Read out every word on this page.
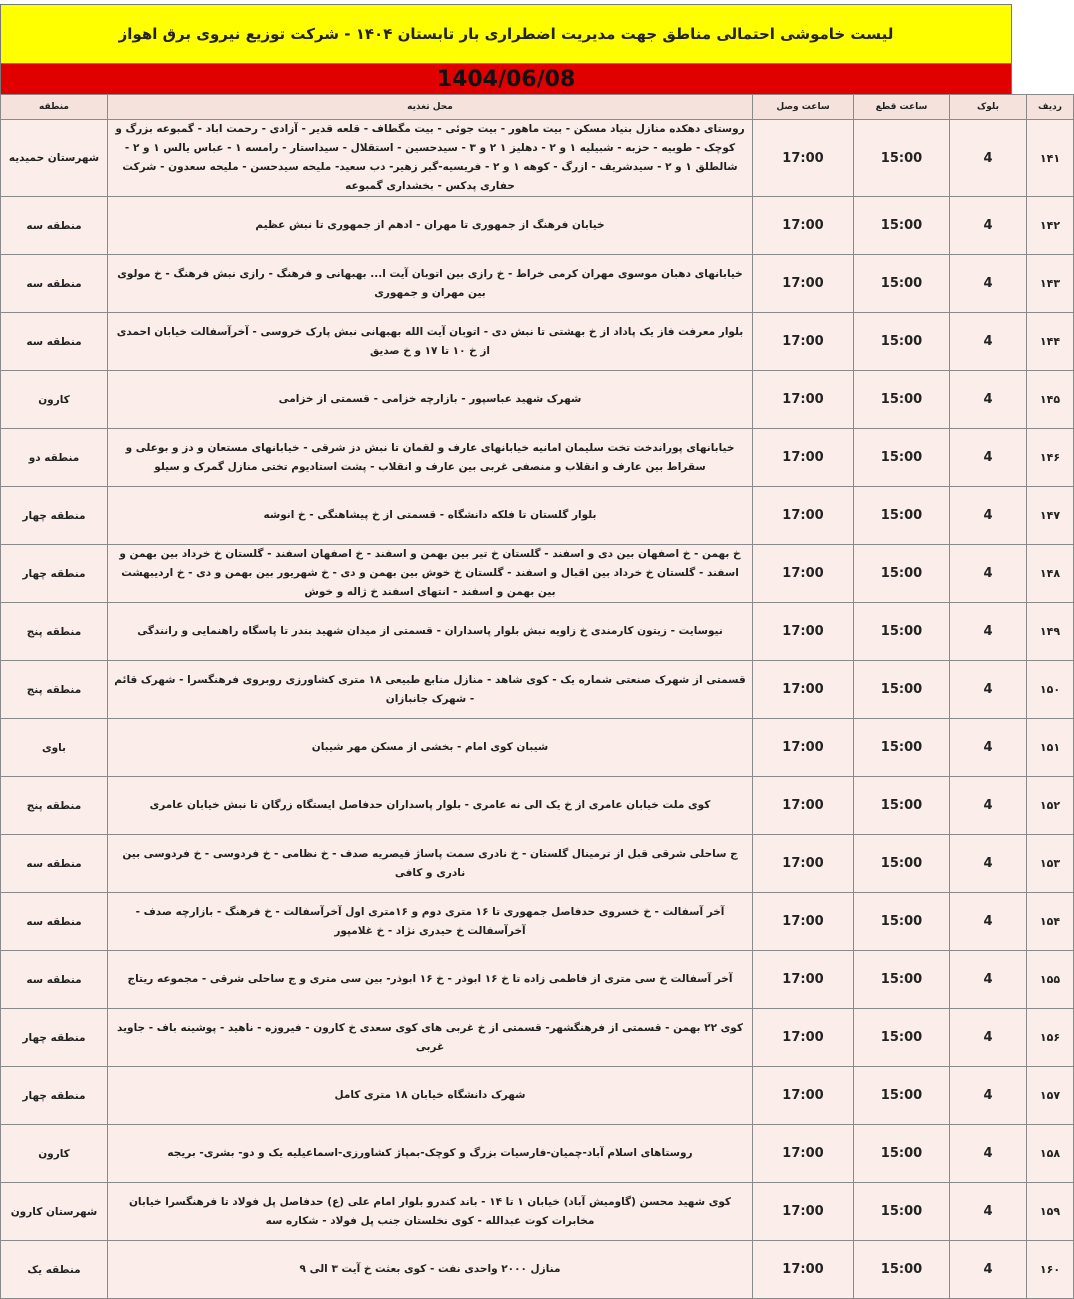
لیست خاموشی احتمالی مناطق جهت مدیریت اضطراری بار تابستان ۱۴۰۴ - شرکت توزیع نیروی برق اهواز
1404/06/08
ردیف	بلوک	ساعت قطع	ساعت وصل	محل تغذیه	منطقه
۱۴۱	4	15:00	17:00	روستای دهکده منازل بنیاد مسکن - بیت ماهور - بیت جوئی - بیت مگطاف - قلعه قدیر - آزادی - رحمت اباد - گمبوعه بزرگ و کوچک - طوبیه - حزبه - شبیلیه ۱ و ۲ - دهلیز ۱ ۲ و ۳ - سیدحسین - استقلال - سیداستار - رامسه ۱ - عباس یالس ۱ و ۲ - شالطلق ۱ و ۲ - سیدشریف - ازرگ - کوهه ۱ و ۲ - فریسیه-گبر زهیر- دب سعید- ملیحه سیدحسن - ملیحه سعدون - شرکت حفاری پدکس - بخشداری گمبوعه	شهرستان حمیدیه
۱۴۲	4	15:00	17:00	خیابان فرهنگ از جمهوری تا مهران - ادهم از جمهوری تا نبش عظیم	منطقه سه
۱۴۳	4	15:00	17:00	خیابانهای دهبان موسوی مهران کرمی خراط - خ رازی بین اتوبان آیت ا... بهبهانی و فرهنگ - رازی نبش فرهنگ - خ مولوی بین مهران و جمهوری	منطقه سه
۱۴۴	4	15:00	17:00	بلوار معرفت فاز یک پاداد از خ بهشتی تا نبش دی - اتوبان آیت الله بهبهانی نبش پارک خروسی - آخرآسفالت خیابان احمدی از خ ۱۰ تا ۱۷ و خ صدیق	منطقه سه
۱۴۵	4	15:00	17:00	شهرک شهید عباسپور - بازارچه خزامی - قسمتی از خزامی	کارون
۱۴۶	4	15:00	17:00	خیابانهای پوراندخت تخت سلیمان امانیه خیابانهای عارف و لقمان تا نبش دز شرقی - خیابانهای مستعان و دز و بوعلی و سقراط بین عارف و انقلاب و منصفی غربی بین عارف و انقلاب - پشت استادیوم تختی منازل گمرک و سیلو	منطقه دو
۱۴۷	4	15:00	17:00	بلوار گلستان تا فلکه دانشگاه - قسمتی از خ پیشاهنگی - خ انوشه	منطقه چهار
۱۴۸	4	15:00	17:00	خ بهمن - خ اصفهان بین دی و اسفند - گلستان خ تیر بین بهمن و اسفند - خ اصفهان اسفند - گلستان خ خرداد بین بهمن و اسفند - گلستان خ خرداد بین اقبال و اسفند - گلستان خ خوش بین بهمن و دی - خ شهریور بین بهمن و دی - خ اردیبهشت بین بهمن و اسفند - انتهای اسفند خ ژاله و خوش	منطقه چهار
۱۴۹	4	15:00	17:00	نیوسایت - زیتون کارمندی خ زاویه نبش بلوار پاسداران - قسمتی از میدان شهید بندر تا پاسگاه راهنمایی و رانندگی	منطقه پنج
۱۵۰	4	15:00	17:00	قسمتی از شهرک صنعتی شماره یک - کوی شاهد - منازل منابع طبیعی ۱۸ متری کشاورزی روبروی فرهنگسرا - شهرک قائم - شهرک جانبازان	منطقه پنج
۱۵۱	4	15:00	17:00	شیبان کوی امام - بخشی از مسکن مهر شیبان	باوی
۱۵۲	4	15:00	17:00	کوی ملت خیابان عامری از خ یک الی نه عامری - بلوار پاسداران حدفاصل ایستگاه زرگان تا نبش خیابان عامری	منطقه پنج
۱۵۳	4	15:00	17:00	ج ساحلی شرقی قبل از ترمینال گلستان - خ نادری سمت پاساژ قیصریه صدف - خ نظامی - خ فردوسی - خ فردوسی بین نادری و کافی	منطقه سه
۱۵۴	4	15:00	17:00	آخر آسفالت - خ خسروی حدفاصل جمهوری تا ۱۶ متری دوم و ۱۶متری اول آخرآسفالت - خ فرهنگ - بازارچه صدف - آخرآسفالت خ حیدری نژاد - خ غلامپور	منطقه سه
۱۵۵	4	15:00	17:00	آخر آسفالت خ سی متری از فاطمی زاده تا خ ۱۶ ابوذر - خ ۱۶ ابوذر- بین سی متری و ج ساحلی شرقی - مجموعه ریتاج	منطقه سه
۱۵۶	4	15:00	17:00	کوی ۲۲ بهمن - قسمتی از فرهنگشهر- قسمتی از خ غربی های کوی سعدی خ کارون - فیروزه - ناهید - پوشینه باف - جاوید غربی	منطقه چهار
۱۵۷	4	15:00	17:00	شهرک دانشگاه خیابان ۱۸ متری کامل	منطقه چهار
۱۵۸	4	15:00	17:00	روستاهای اسلام آباد-چمیان-فارسیات بزرگ و کوچک-بمپاژ کشاورزی-اسماعیلیه یک و دو- بشری- بریجه	کارون
۱۵۹	4	15:00	17:00	کوی شهید محسن (گاومیش آباد) خیابان ۱ تا ۱۴ - باند کندرو بلوار امام علی (ع) حدفاصل پل فولاد تا فرهنگسرا خیابان مخابرات کوت عبدالله - کوی نخلستان جنب پل فولاد - شکاره سه	شهرستان کارون
۱۶۰	4	15:00	17:00	منازل ۲۰۰۰ واحدی نفت - کوی بعثت خ آیت ۳ الی ۹	منطقه یک
